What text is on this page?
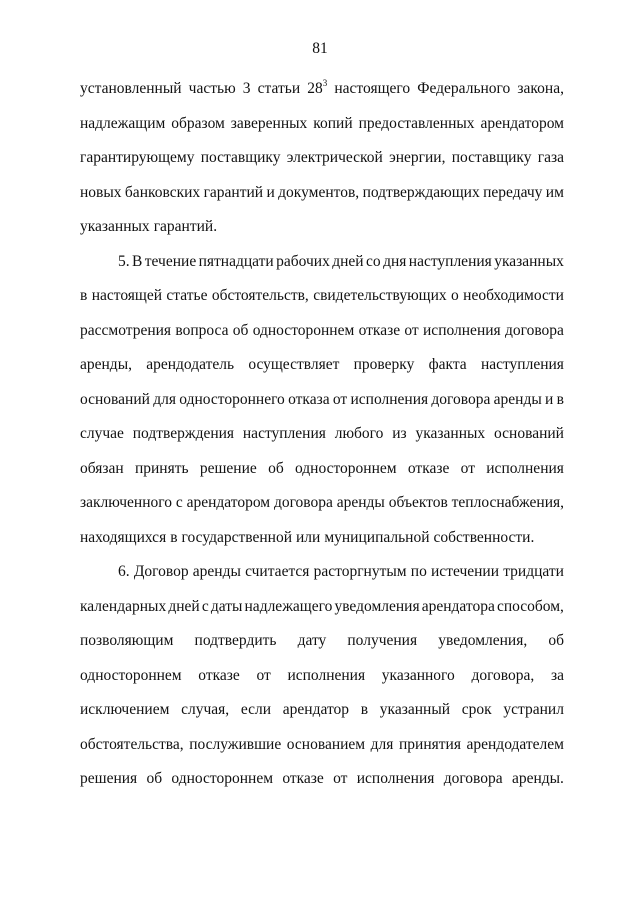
81
установленный частью 3 статьи $28^3$ настоящего Федерального закона,
надлежащим образом заверенных копий предоставленных арендатором
гарантирующему поставщику электрической энергии, поставщику газа
новых банковских гарантий и документов, подтверждающих передачу им
указанных гарантий.
5. В течение пятнадцати рабочих дней со дня наступления указанных
в настоящей статье обстоятельств, свидетельствующих о необходимости
рассмотрения вопроса об одностороннем отказе от исполнения договора
аренды, арендодатель осуществляет проверку факта наступления
оснований для одностороннего отказа от исполнения договора аренды и в
случае подтверждения наступления любого из указанных оснований
обязан принять решение об одностороннем отказе от исполнения
заключенного с арендатором договора аренды объектов теплоснабжения,
находящихся в государственной или муниципальной собственности.
6. Договор аренды считается расторгнутым по истечении тридцати
календарных дней с даты надлежащего уведомления арендатора способом,
позволяющим подтвердить дату получения уведомления, об
одностороннем отказе от исполнения указанного договора, за
исключением случая, если арендатор в указанный срок устранил
обстоятельства, послужившие основанием для принятия арендодателем
решения об одностороннем отказе от исполнения договора аренды.
